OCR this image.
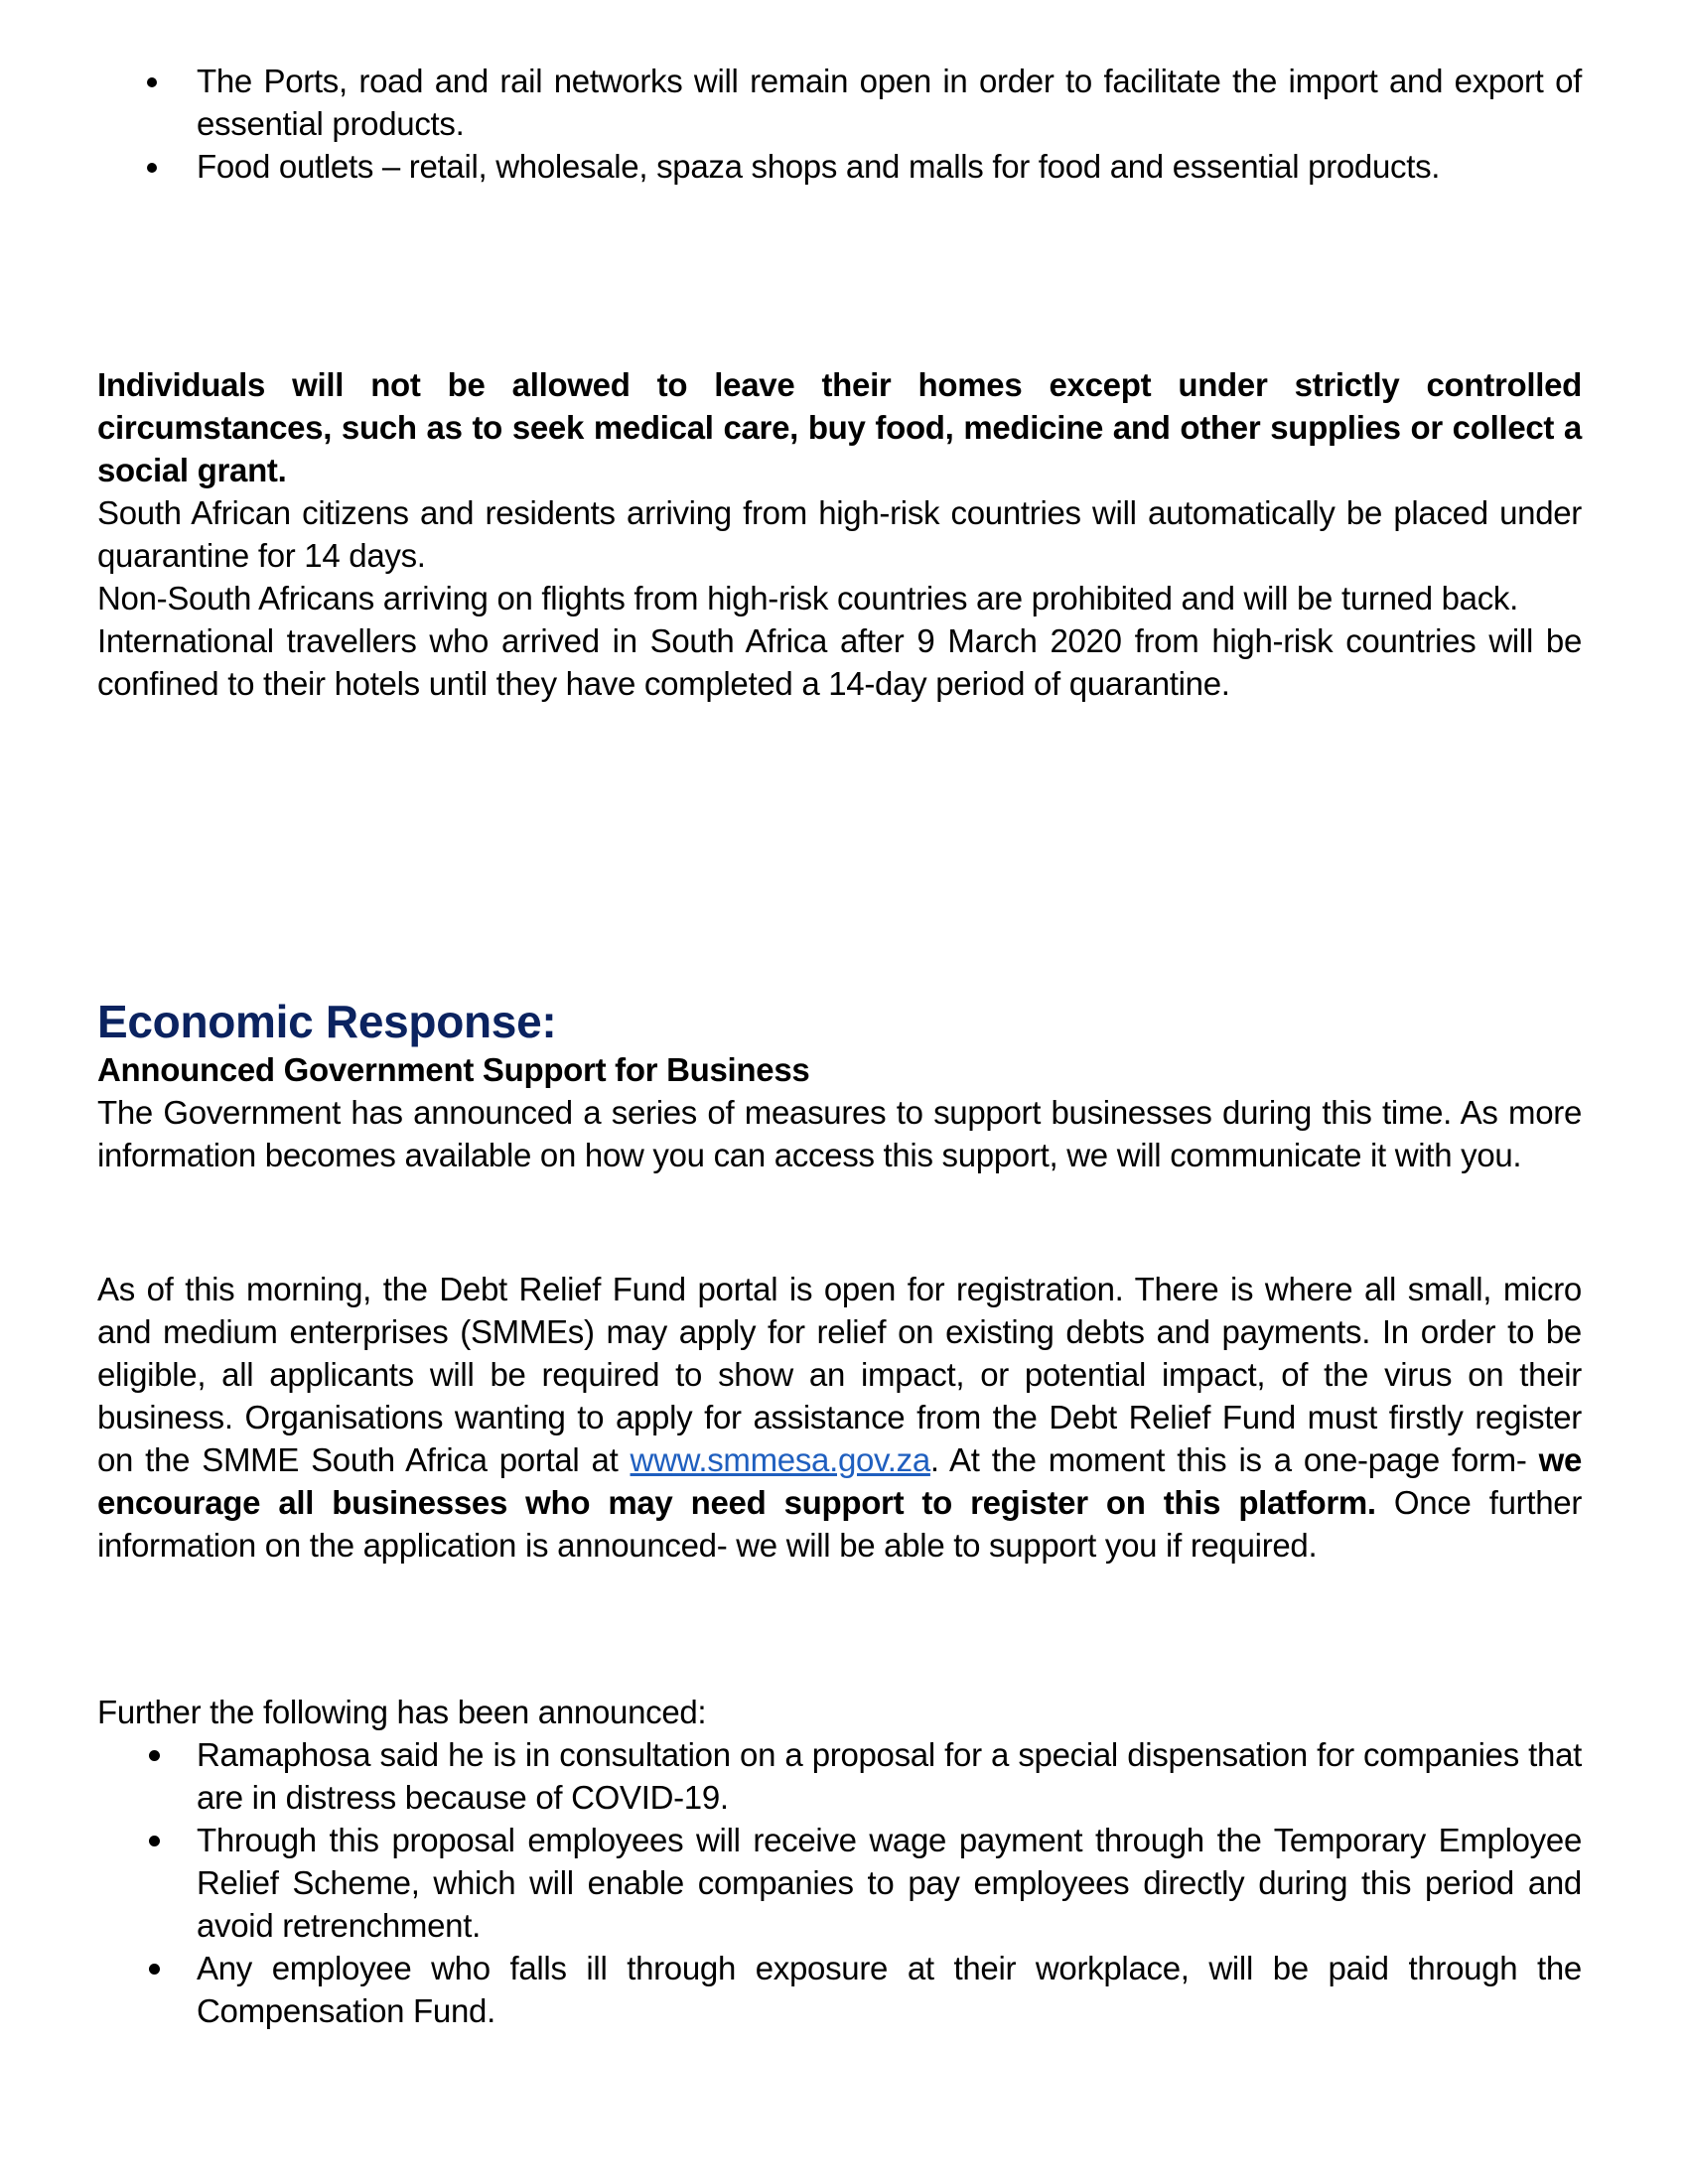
The Ports, road and rail networks will remain open in order to facilitate the import and export of essential products.

Food outlets – retail, wholesale, spaza shops and malls for food and essential products.

Individuals will not be allowed to leave their homes except under strictly controlled circumstances, such as to seek medical care, buy food, medicine and other supplies or collect a social grant.

South African citizens and residents arriving from high-risk countries will automatically be placed under quarantine for 14 days.

Non-South Africans arriving on flights from high-risk countries are prohibited and will be turned back.

International travellers who arrived in South Africa after 9 March 2020 from high-risk countries will be confined to their hotels until they have completed a 14-day period of quarantine.

Economic Response:
Announced Government Support for Business

The Government has announced a series of measures to support businesses during this time. As more information becomes available on how you can access this support, we will communicate it with you.

As of this morning, the Debt Relief Fund portal is open for registration. There is where all small, micro and medium enterprises (SMMEs) may apply for relief on existing debts and payments. In order to be eligible, all applicants will be required to show an impact, or potential impact, of the virus on their business. Organisations wanting to apply for assistance from the Debt Relief Fund must firstly register on the SMME South Africa portal at www.smmesa.gov.za. At the moment this is a one-page form- we encourage all businesses who may need support to register on this platform. Once further information on the application is announced- we will be able to support you if required.

Further the following has been announced:

Ramaphosa said he is in consultation on a proposal for a special dispensation for companies that are in distress because of COVID-19.

Through this proposal employees will receive wage payment through the Temporary Employee Relief Scheme, which will enable companies to pay employees directly during this period and avoid retrenchment.

Any employee who falls ill through exposure at their workplace, will be paid through the Compensation Fund.
